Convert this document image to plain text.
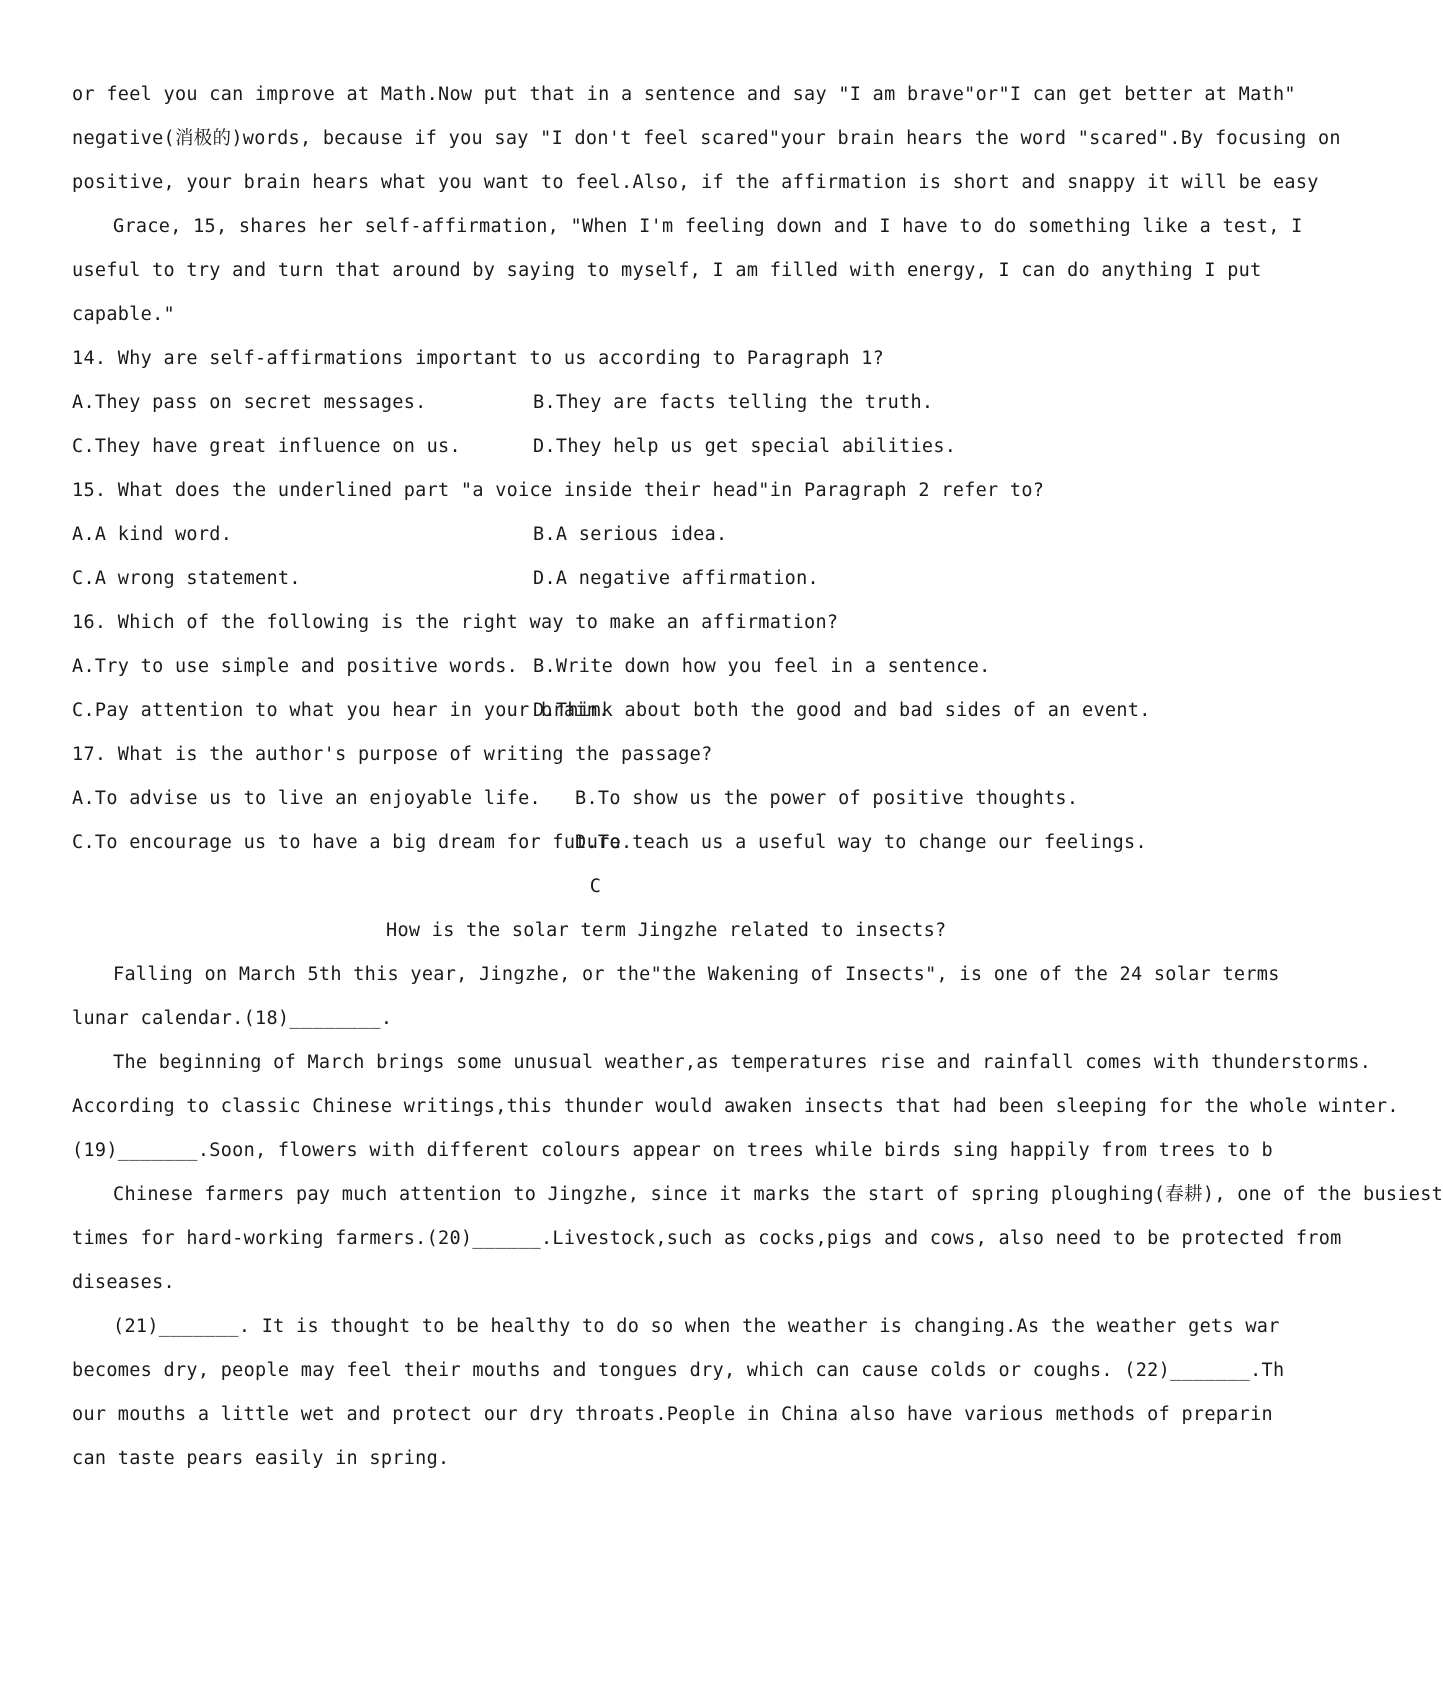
or feel you can improve at Math.Now put that in a sentence and say "I am brave"or"I can get better at Math"
negative(消极的)words, because if you say "I don't feel scared"your brain hears the word "scared".By focusing on
positive, your brain hears what you want to feel.Also, if the affirmation is short and snappy it will be easy
Grace, 15, shares her self-affirmation, "When I'm feeling down and I have to do something like a test, I
useful to try and turn that around by saying to myself, I am filled with energy, I can do anything I put
capable."
14. Why are self-affirmations important to us according to Paragraph 1?
A.They pass on secret messages.	B.They are facts telling the truth.
C.They have great influence on us.	D.They help us get special abilities.
15. What does the underlined part "a voice inside their head"in Paragraph 2 refer to?
A.A kind word.	B.A serious idea.
C.A wrong statement.	D.A negative affirmation.
16. Which of the following is the right way to make an affirmation?
A.Try to use simple and positive words. B.Write down how you feel in a sentence.
C.Pay attention to what you hear in your brain.
D.Think about both the good and bad sides of an event.
17. What is the author's purpose of writing the passage?
A.To advise us to live an enjoyable life. B.To show us the power of positive thoughts.
C.To encourage us to have a big dream for future.
D.To teach us a useful way to change our feelings.
C
How is the solar term Jingzhe related to insects?
Falling on March 5th this year, Jingzhe, or the"the Wakening of Insects", is one of the 24 solar terms
lunar calendar.(18)________.
The beginning of March brings some unusual weather,as temperatures rise and rainfall comes with thunderstorms.
According to classic Chinese writings,this thunder would awaken insects that had been sleeping for the whole winter.
(19)_______.Soon, flowers with different colours appear on trees while birds sing happily from trees to b
Chinese farmers pay much attention to Jingzhe, since it marks the start of spring ploughing(春耕), one of the busiest
times for hard-working farmers.(20)______.Livestock,such as cocks,pigs and cows, also need to be protected from
diseases.
(21)_______. It is thought to be healthy to do so when the weather is changing.As the weather gets war
becomes dry, people may feel their mouths and tongues dry, which can cause colds or coughs. (22)_______.Th
our mouths a little wet and protect our dry throats.People in China also have various methods of preparin
can taste pears easily in spring.
